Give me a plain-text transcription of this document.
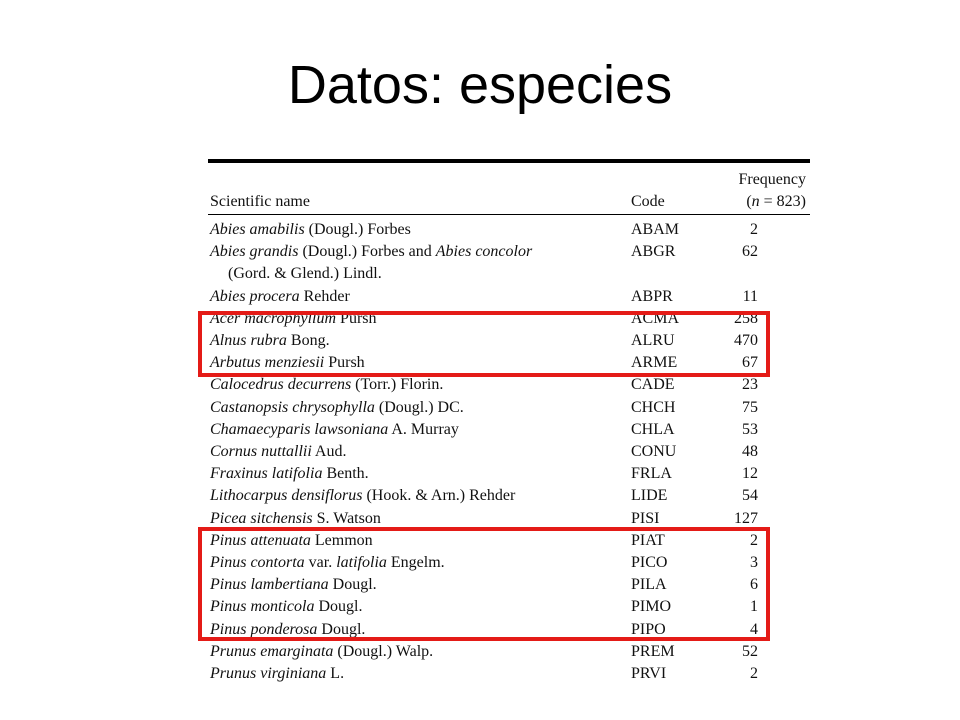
Datos: especies
Frequency
Scientific name	Code	(n = 823)
Abies amabilis (Dougl.) Forbes	ABAM	2
Abies grandis (Dougl.) Forbes and Abies concolor	ABGR	62
(Gord. & Glend.) Lindl.
Abies procera Rehder	ABPR	11
Acer macrophyllum Pursh	ACMA	258
Alnus rubra Bong.	ALRU	470
Arbutus menziesii Pursh	ARME	67
Calocedrus decurrens (Torr.) Florin.	CADE	23
Castanopsis chrysophylla (Dougl.) DC.	CHCH	75
Chamaecyparis lawsoniana A. Murray	CHLA	53
Cornus nuttallii Aud.	CONU	48
Fraxinus latifolia Benth.	FRLA	12
Lithocarpus densiflorus (Hook. & Arn.) Rehder	LIDE	54
Picea sitchensis S. Watson	PISI	127
Pinus attenuata Lemmon	PIAT	2
Pinus contorta var. latifolia Engelm.	PICO	3
Pinus lambertiana Dougl.	PILA	6
Pinus monticola Dougl.	PIMO	1
Pinus ponderosa Dougl.	PIPO	4
Prunus emarginata (Dougl.) Walp.	PREM	52
Prunus virginiana L.	PRVI	2
